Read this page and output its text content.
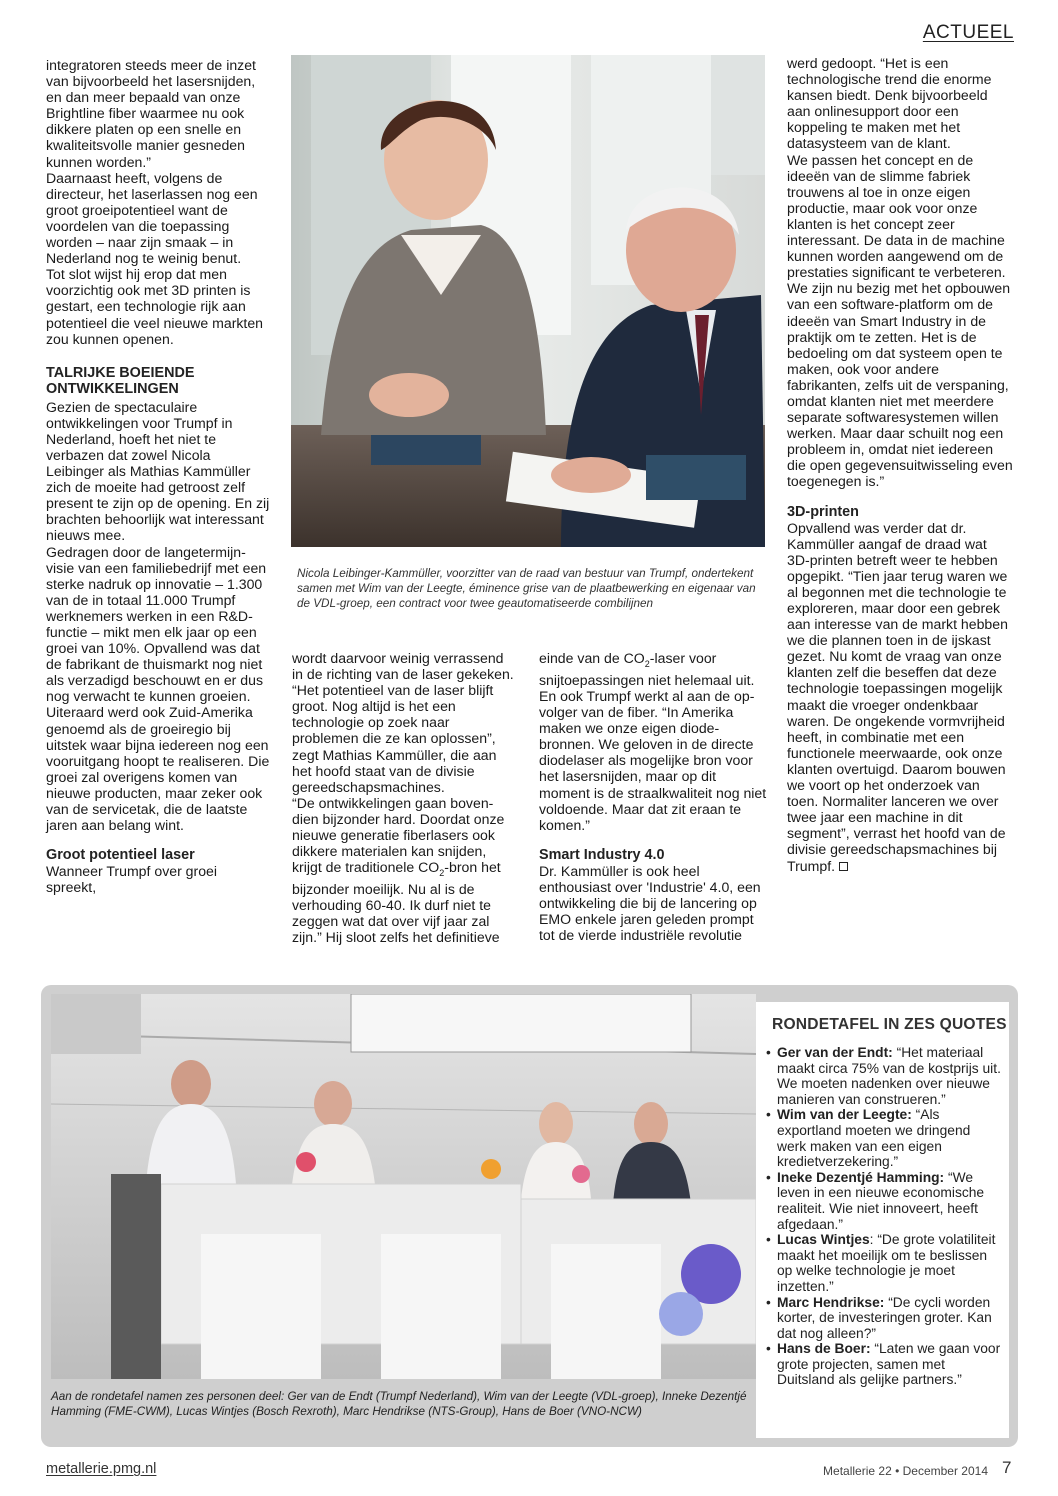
ACTUEEL

integratoren steeds meer de inzet van bijvoorbeeld het lasersnijden, en dan meer bepaald van onze Brightline fiber waarmee nu ook dikkere platen op een snelle en kwaliteitsvolle manier gesneden kunnen worden.”

Daarnaast heeft, volgens de directeur, het laserlassen nog een groot groeipotentieel want de voordelen van die toepassing worden – naar zijn smaak – in Nederland nog te weinig benut.

Tot slot wijst hij erop dat men voorzichtig ook met 3D printen is gestart, een technologie rijk aan potentieel die veel nieuwe markten zou kunnen openen.

TALRIJKE BOEIENDE ONTWIKKELINGEN

Gezien de spectaculaire ontwikkelingen voor Trumpf in Nederland, hoeft het niet te verbazen dat zowel Nicola Leibinger als Mathias Kammüller zich de moeite had getroost zelf present te zijn op de opening. En zij brachten behoorlijk wat interessant nieuws mee.

Gedragen door de langetermijn-visie van een familiebedrijf met een sterke nadruk op innovatie – 1.300 van de in totaal 11.000 Trumpf werknemers werken in een R&D-functie – mikt men elk jaar op een groei van 10%. Opvallend was dat de fabrikant de thuismarkt nog niet als verzadigd beschouwt en er dus nog verwacht te kunnen groeien.

Uiteraard werd ook Zuid-Amerika genoemd als de groeiregio bij uitstek waar bijna iedereen nog een vooruitgang hoopt te realiseren. Die groei zal overigens komen van nieuwe producten, maar zeker ook van de servicetak, die de laatste jaren aan belang wint.

Groot potentieel laser

Wanneer Trumpf over groei spreekt,

Nicola Leibinger-Kammüller, voorzitter van de raad van bestuur van Trumpf, ondertekent samen met Wim van der Leegte, éminence grise van de plaatbewerking en eigenaar van de VDL-groep, een contract voor twee geautomatiseerde combilijnen

wordt daarvoor weinig verrassend in de richting van de laser gekeken.

“Het potentieel van de laser blijft groot. Nog altijd is het een technologie op zoek naar problemen die ze kan oplossen”, zegt Mathias Kammüller, die aan het hoofd staat van de divisie gereedschapsmachines.

“De ontwikkelingen gaan boven-dien bijzonder hard. Doordat onze nieuwe generatie fiberlasers ook dikkere materialen kan snijden, krijgt de traditionele $CO_2$-bron het bijzonder moeilijk. Nu al is de verhouding 60-40. Ik durf niet te zeggen wat dat over vijf jaar zal zijn.” Hij sloot zelfs het definitieve

einde van de $CO_2$-laser voor snijtoepassingen niet helemaal uit. En ook Trumpf werkt al aan de op-volger van de fiber. “In Amerika maken we onze eigen diode-bronnen. We geloven in de directe diodelaser als mogelijke bron voor het lasersnijden, maar op dit moment is de straalkwaliteit nog niet voldoende. Maar dat zit eraan te komen.”

Smart Industry 4.0

Dr. Kammüller is ook heel enthousiast over 'Industrie' 4.0, een ontwikkeling die bij de lancering op EMO enkele jaren geleden prompt tot de vierde industriële revolutie

werd gedoopt. “Het is een technologische trend die enorme kansen biedt. Denk bijvoorbeeld aan onlinesupport door een koppeling te maken met het datasysteem van de klant.

We passen het concept en de ideeën van de slimme fabriek trouwens al toe in onze eigen productie, maar ook voor onze klanten is het concept zeer interessant. De data in de machine kunnen worden aangewend om de prestaties significant te verbeteren.

We zijn nu bezig met het opbouwen van een software-platform om de ideeën van Smart Industry in de praktijk om te zetten. Het is de bedoeling om dat systeem open te maken, ook voor andere fabrikanten, zelfs uit de verspaning, omdat klanten niet met meerdere separate softwaresystemen willen werken. Maar daar schuilt nog een probleem in, omdat niet iedereen die open gegevensuitwisseling even toegenegen is.”

3D-printen

Opvallend was verder dat dr. Kammüller aangaf de draad wat 3D-printen betreft weer te hebben opgepikt. “Tien jaar terug waren we al begonnen met die technologie te exploreren, maar door een gebrek aan interesse van de markt hebben we die plannen toen in de ijskast gezet. Nu komt de vraag van onze klanten zelf die beseffen dat deze technologie toepassingen mogelijk maakt die vroeger ondenkbaar waren. De ongekende vormvrijheid heeft, in combinatie met een functionele meerwaarde, ook onze klanten overtuigd. Daarom bouwen we voort op het onderzoek van toen. Normaliter lanceren we over twee jaar een machine in dit segment”, verrast het hoofd van de divisie gereedschapsmachines bij Trumpf.

Aan de rondetafel namen zes personen deel: Ger van de Endt (Trumpf Nederland), Wim van der Leegte (VDL-groep), Inneke Dezentjé Hamming (FME-CWM), Lucas Wintjes (Bosch Rexroth), Marc Hendrikse (NTS-Group), Hans de Boer (VNO-NCW)
RONDETAFEL IN ZES QUOTES
• Ger van der Endt: “Het materiaal maakt circa 75% van de kostprijs uit. We moeten nadenken over nieuwe manieren van construeren.”
• Wim van der Leegte: “Als exportland moeten we dringend werk maken van een eigen kredietverzekering.”
• Ineke Dezentjé Hamming: “We leven in een nieuwe economische realiteit. Wie niet innoveert, heeft afgedaan.”
• Lucas Wintjes: “De grote volatiliteit maakt het moeilijk om te beslissen op welke technologie je moet inzetten.”
• Marc Hendrikse: “De cycli worden korter, de investeringen groter. Kan dat nog alleen?”
• Hans de Boer: “Laten we gaan voor grote projecten, samen met Duitsland als gelijke partners.”
metallerie.pmg.nl	Metallerie 22 • December 2014 7
